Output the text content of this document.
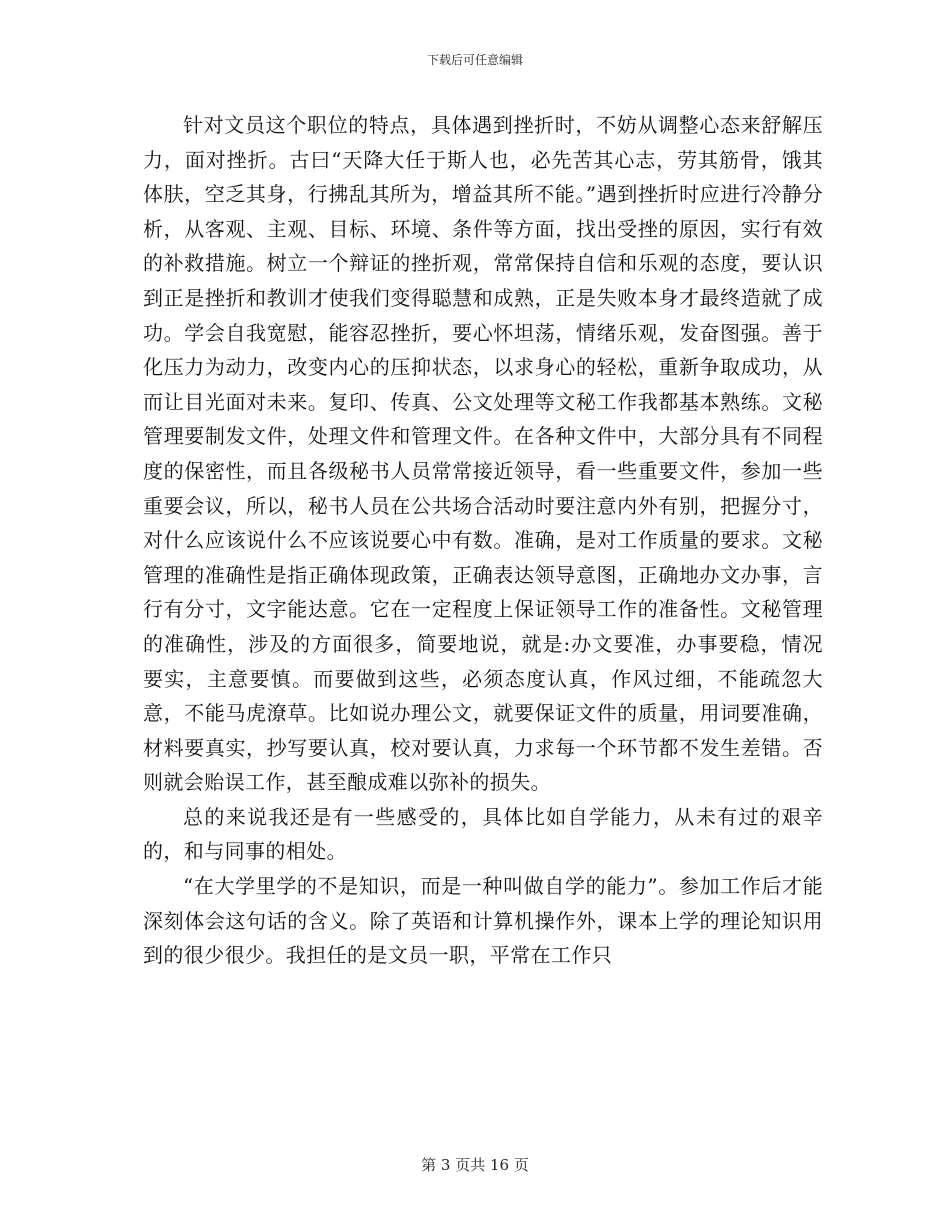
下载后可任意编辑

针对文员这个职位的特点，具体遇到挫折时，不妨从调整心态来舒解压力，面对挫折。古曰“天降大任于斯人也，必先苦其心志，劳其筋骨，饿其体肤，空乏其身，行拂乱其所为，增益其所不能。”遇到挫折时应进行冷静分析，从客观、主观、目标、环境、条件等方面，找出受挫的原因，实行有效的补救措施。树立一个辩证的挫折观，常常保持自信和乐观的态度，要认识到正是挫折和教训才使我们变得聪慧和成熟，正是失败本身才最终造就了成功。学会自我宽慰，能容忍挫折，要心怀坦荡，情绪乐观，发奋图强。善于化压力为动力，改变内心的压抑状态，以求身心的轻松，重新争取成功，从而让目光面对未来。复印、传真、公文处理等文秘工作我都基本熟练。文秘管理要制发文件，处理文件和管理文件。在各种文件中，大部分具有不同程度的保密性，而且各级秘书人员常常接近领导，看一些重要文件，参加一些重要会议，所以，秘书人员在公共场合活动时要注意内外有别，把握分寸，对什么应该说什么不应该说要心中有数。准确，是对工作质量的要求。文秘管理的准确性是指正确体现政策，正确表达领导意图，正确地办文办事，言行有分寸，文字能达意。它在一定程度上保证领导工作的准备性。文秘管理的准确性，涉及的方面很多，简要地说，就是:办文要准，办事要稳，情况要实，主意要慎。而要做到这些，必须态度认真，作风过细，不能疏忽大意，不能马虎潦草。比如说办理公文，就要保证文件的质量，用词要准确，材料要真实，抄写要认真，校对要认真，力求每一个环节都不发生差错。否则就会贻误工作，甚至酿成难以弥补的损失。

总的来说我还是有一些感受的，具体比如自学能力，从未有过的艰辛的，和与同事的相处。

“在大学里学的不是知识，而是一种叫做自学的能力”。参加工作后才能深刻体会这句话的含义。除了英语和计算机操作外，课本上学的理论知识用到的很少很少。我担任的是文员一职，平常在工作只

第 3 页共 16 页
